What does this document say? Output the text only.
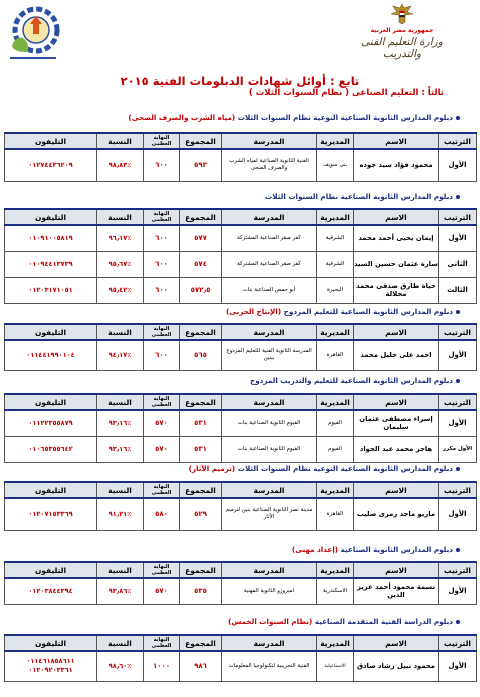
جمهورية مصر العربية
وزارة التعليم الفنى والتدريب
تابع : أوائل شهادات الدبلومات الفنية ٢٠١٥
ثالثاً : التعليم الصناعى ( نظام السنوات الثلاث )
دبلوم المدارس الثانوية الصناعية النوعية نظام السنوات الثلاث (مياه الشرب والصرف الصحى)
الترتيب	الاسم	المديرية	المدرسة	المجموع	النهاية العظمى	النسبة	التليفون
الأول	محمود فؤاد سيد جوده	بنى سويف	الفنية الثانوية الصناعية لمياه الشرب والصرف الصحى	٥٩٣	٦٠٠	٪٩٨٫٨٣	٠١٢٧٤٤٣٦٢٠٩
دبلوم المدارس الثانوية الصناعية نظام السنوات الثلاث
الترتيب	الاسم	المديرية	المدرسة	المجموع	النهاية العظمى	النسبة	التليفون
الأول	إيمان يحيى أحمد محمد	الشرقية	كفر صقر الصناعية المشتركة	٥٧٧	٦٠٠	٪٩٦٫١٧	٠١٠٩١٠٠٥٨١٩
الثانى	سارة عثمان حسين السيد	الشرقية	كفر صقر الصناعية المشتركة	٥٧٤	٦٠٠	٪٩٥٫٦٧	٠١٠٩٤٤١٣٧٣٩
الثالث	حياة طارق صدقى محمد مخلالة	البحيرة	أبو حمص الصناعية بنات	٥٧٢٫٥	٦٠٠	٪٩٥٫٤٢	٠١٢٠٣١٧١٠٥١
دبلوم المدارس الثانوية الصناعية للتعليم المزدوج (الإنتاج الحربى)
الترتيب	الاسم	المديرية	المدرسة	المجموع	النهاية العظمى	النسبة	التليفون
الأول	احمد على خليل محمد	القاهرة	المدرسة الثانوية الفنية للتعليم المزدوج ببنين	٥٦٥	٦٠٠	٪٩٤٫١٧	٠١١٤٤١٩٩٠١٠٤
دبلوم المدارس الثانوية الصناعية للتعليم والتدريب المزدوج
الترتيب	الاسم	المديرية	المدرسة	المجموع	النهاية العظمى	النسبة	التليفون
الأول	إسراء مصطفى عثمان سليمان	الفيوم	الفيوم الثانوية الصناعية بنات	٥٣١	٥٧٠	٪٩٣٫١٦	٠١١٢٢٣٥٥٨٧٩
الأول مكرر	هاجر محمد عبد الجواد	الفيوم	الفيوم الثانوية الصناعية بنات	٥٣١	٥٧٠	٪٩٣٫١٦	٠١٠٦٥٣٥٥٦٤٢
دبلوم المدارس الثانوية الصناعية النوعية نظام السنوات الثلاث (ترميم الآثار)
الترتيب	الاسم	المديرية	المدرسة	المجموع	النهاية العظمى	النسبة	التليفون
الأول	ماريو ماجد رمزى صليب	القاهرة	مدينة نصر الثانوية الصناعية بنين لترميم الآثار	٥٢٩	٥٨٠	٪٩١٫٢١	٠١٢٠٧١٥٣٣٦٩
دبلوم المدارس الثانوية الصناعية (إعداد مهنى)
الترتيب	الاسم	المديرية	المدرسة	المجموع	النهاية العظمى	النسبة	التليفون
الأول	نسمة محمود أحمد عزيز الدين	الاسكندرية	امبروزو الثانوية المهنية	٥٣٥	٥٧٠	٪٩٣٫٨٦	٠١٢٠٣٨٤٤٣٩٤
دبلوم الدراسة الفنية المتقدمة الصناعية (نظام السنوات الخمس)
الترتيب	الاسم	المديرية	المدرسة	المجموع	النهاية العظمى	النسبة	التليفون
الأول	محمود نبيل رشاد صادق	الاسماعيلية	الفنية التجريبية لتكنولوجيا المعلومات	٩٨٦	١٠٠٠	٪٩٨٫٦٠	٠١١٤٦١٨٥٨٦١١
٠١٢٠٩٢٠٣٣٦١
